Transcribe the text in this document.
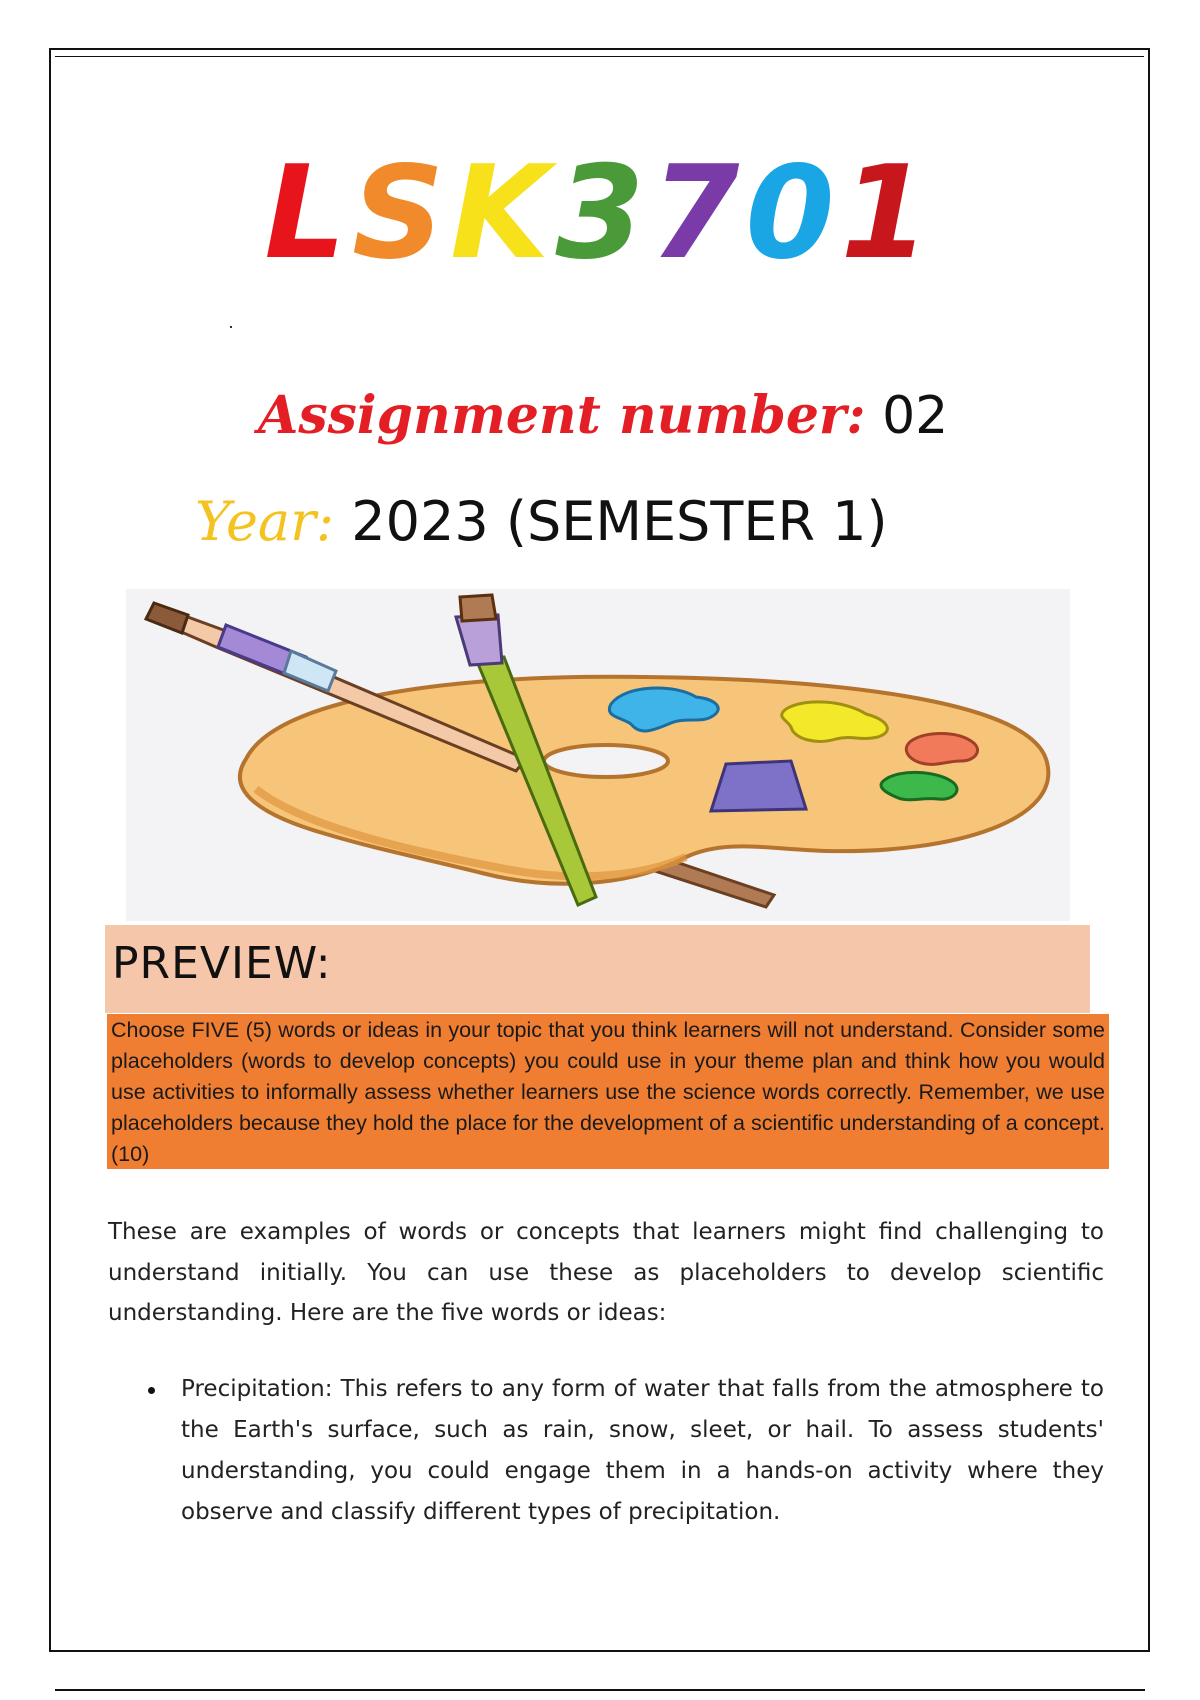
LSK3701
Assignment number: 02
Year: 2023 (SEMESTER 1)
PREVIEW:
Choose FIVE (5) words or ideas in your topic that you think learners will not understand. Consider some placeholders (words to develop concepts) you could use in your theme plan and think how you would use activities to informally assess whether learners use the science words correctly. Remember, we use placeholders because they hold the place for the development of a scientific understanding of a concept. (10)
These are examples of words or concepts that learners might find challenging to understand initially. You can use these as placeholders to develop scientific understanding. Here are the five words or ideas:
Precipitation: This refers to any form of water that falls from the atmosphere to the Earth's surface, such as rain, snow, sleet, or hail. To assess students' understanding, you could engage them in a hands-on activity where they observe and classify different types of precipitation.
